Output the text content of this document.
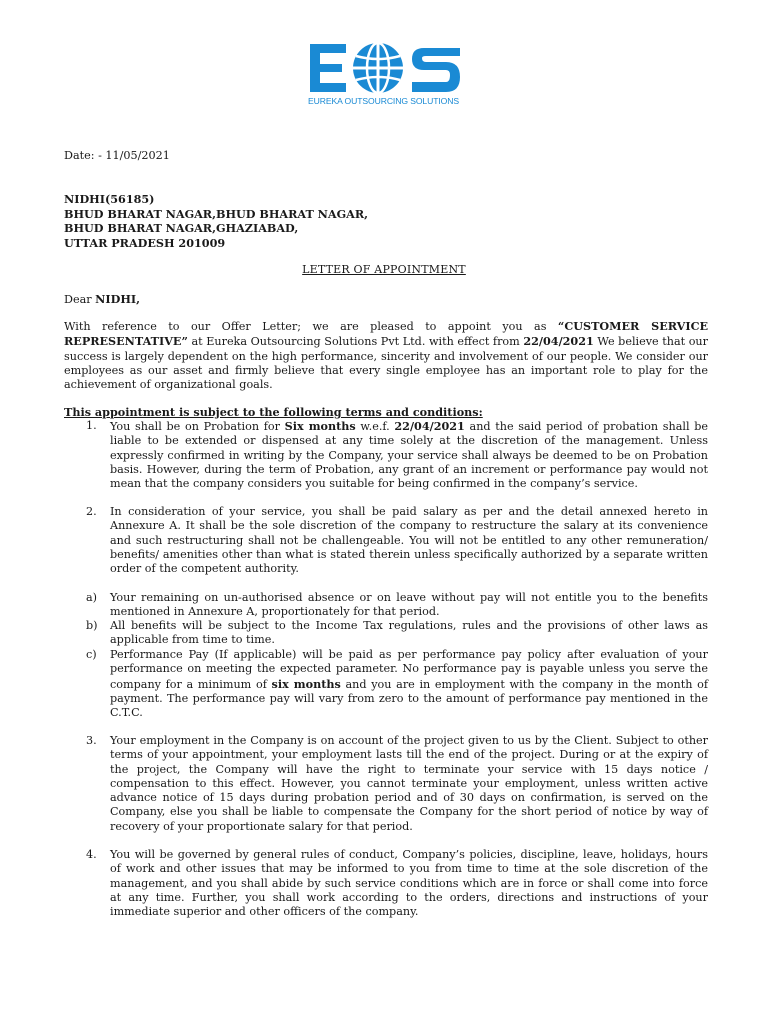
EUREKA OUTSOURCING SOLUTIONS
Date: - 11/05/2021
NIDHI(56185)
BHUD BHARAT NAGAR,BHUD BHARAT NAGAR,
BHUD BHARAT NAGAR,GHAZIABAD,
UTTAR PRADESH 201009
LETTER OF APPOINTMENT
Dear NIDHI,
With reference to our Offer Letter; we are pleased to appoint you as “CUSTOMER SERVICE REPRESENTATIVE” at Eureka Outsourcing Solutions Pvt Ltd. with effect from 22/04/2021 We believe that our success is largely dependent on the high performance, sincerity and involvement of our people. We consider our employees as our asset and firmly believe that every single employee has an important role to play for the achievement of organizational goals.
This appointment is subject to the following terms and conditions:
1. You shall be on Probation for Six months w.e.f. 22/04/2021 and the said period of probation shall be liable to be extended or dispensed at any time solely at the discretion of the management. Unless expressly confirmed in writing by the Company, your service shall always be deemed to be on Probation basis. However, during the term of Probation, any grant of an increment or performance pay would not mean that the company considers you suitable for being confirmed in the company’s service.
2. In consideration of your service, you shall be paid salary as per and the detail annexed hereto in Annexure A. It shall be the sole discretion of the company to restructure the salary at its convenience and such restructuring shall not be challengeable. You will not be entitled to any other remuneration/ benefits/ amenities other than what is stated therein unless specifically authorized by a separate written order of the competent authority.
a) Your remaining on un-authorised absence or on leave without pay will not entitle you to the benefits mentioned in Annexure A, proportionately for that period.
b) All benefits will be subject to the Income Tax regulations, rules and the provisions of other laws as applicable from time to time.
c) Performance Pay (If applicable) will be paid as per performance pay policy after evaluation of your performance on meeting the expected parameter. No performance pay is payable unless you serve the company for a minimum of six months and you are in employment with the company in the month of payment. The performance pay will vary from zero to the amount of performance pay mentioned in the C.T.C.
3. Your employment in the Company is on account of the project given to us by the Client. Subject to other terms of your appointment, your employment lasts till the end of the project. During or at the expiry of the project, the Company will have the right to terminate your service with 15 days notice / compensation to this effect. However, you cannot terminate your employment, unless written active advance notice of 15 days during probation period and of 30 days on confirmation, is served on the Company, else you shall be liable to compensate the Company for the short period of notice by way of recovery of your proportionate salary for that period.
4. You will be governed by general rules of conduct, Company’s policies, discipline, leave, holidays, hours of work and other issues that may be informed to you from time to time at the sole discretion of the management, and you shall abide by such service conditions which are in force or shall come into force at any time. Further, you shall work according to the orders, directions and instructions of your immediate superior and other officers of the company.
